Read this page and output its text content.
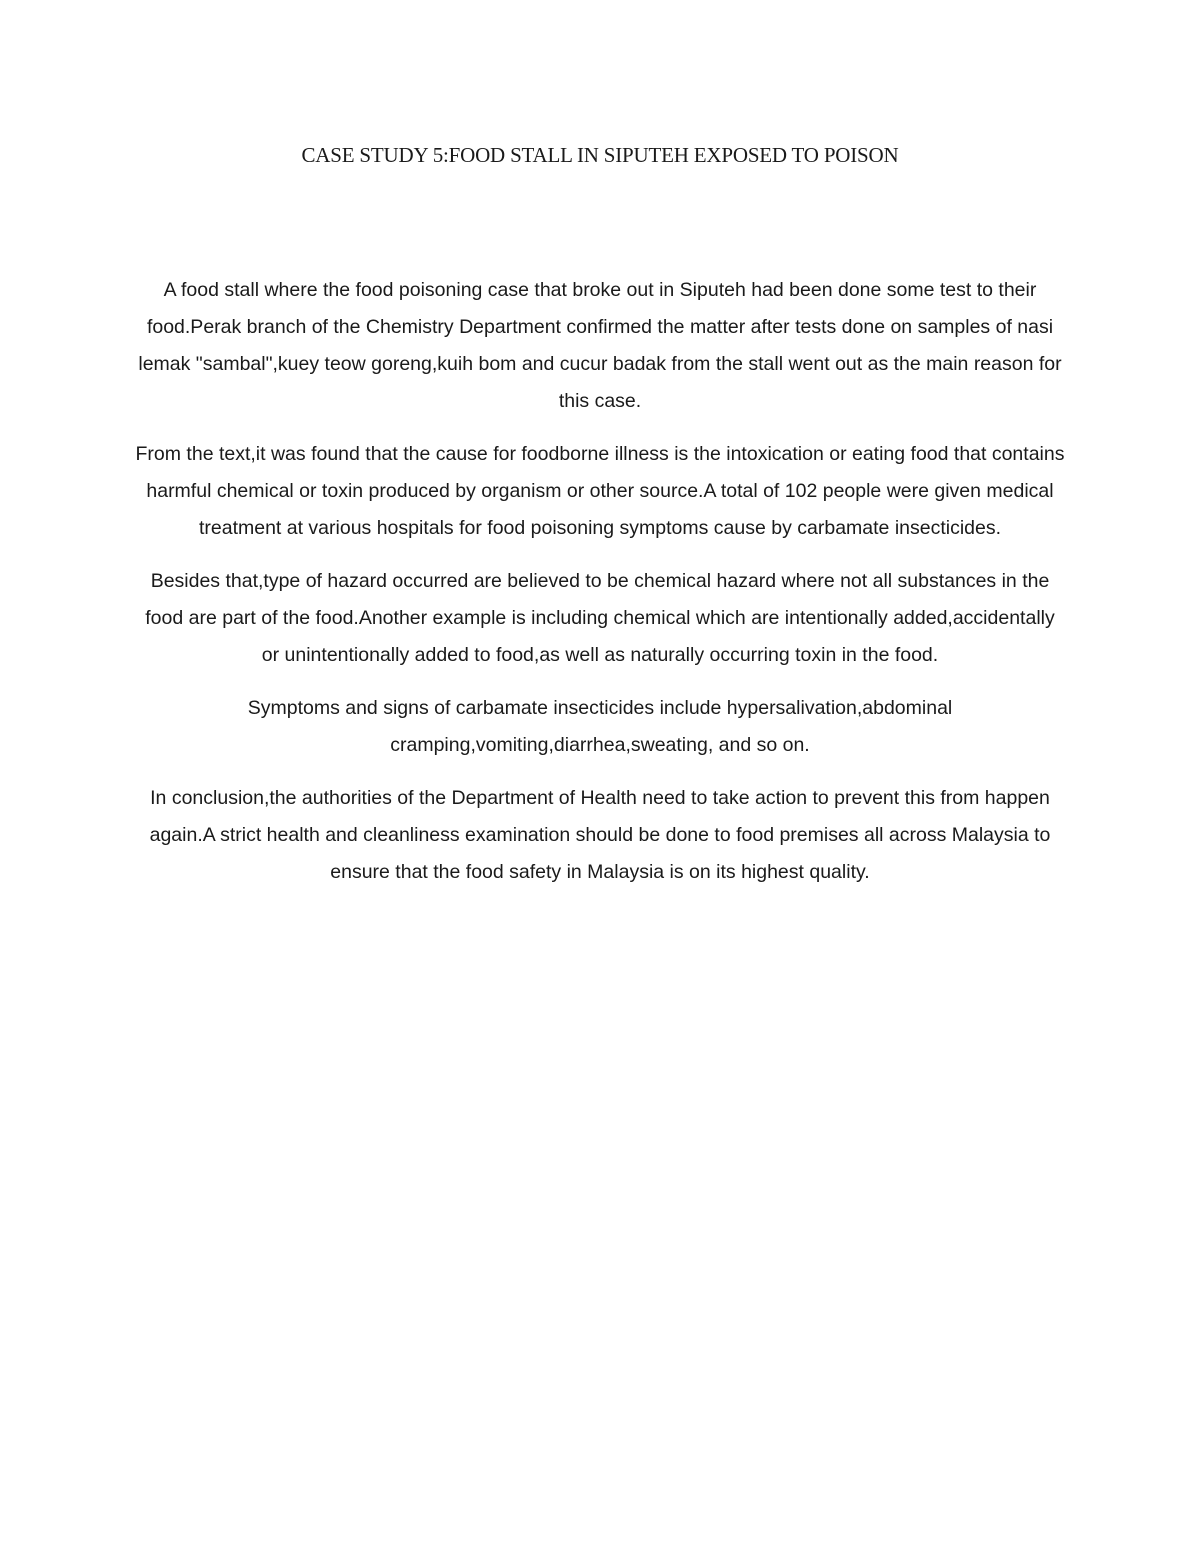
CASE STUDY 5:FOOD STALL IN SIPUTEH EXPOSED TO POISON

A food stall where the food poisoning case that broke out in Siputeh had been done some test to their food.Perak branch of the Chemistry Department confirmed the matter after tests done on samples of nasi lemak "sambal",kuey teow goreng,kuih bom and cucur badak from the stall went out as the main reason for this case.

From the text,it was found that the cause for foodborne illness is the intoxication or eating food that contains harmful chemical or toxin produced by organism or other source.A total of 102 people were given medical treatment at various hospitals for food poisoning symptoms cause by carbamate insecticides.

Besides that,type of hazard occurred are believed to be chemical hazard where not all substances in the food are part of the food.Another example is including chemical which are intentionally added,accidentally or unintentionally added to food,as well as naturally occurring toxin in the food.

Symptoms and signs of carbamate insecticides include hypersalivation,abdominal cramping,vomiting,diarrhea,sweating, and so on.

In conclusion,the authorities of the Department of Health need to take action to prevent this from happen again.A strict health and cleanliness examination should be done to food premises all across Malaysia to ensure that the food safety in Malaysia is on its highest quality.
